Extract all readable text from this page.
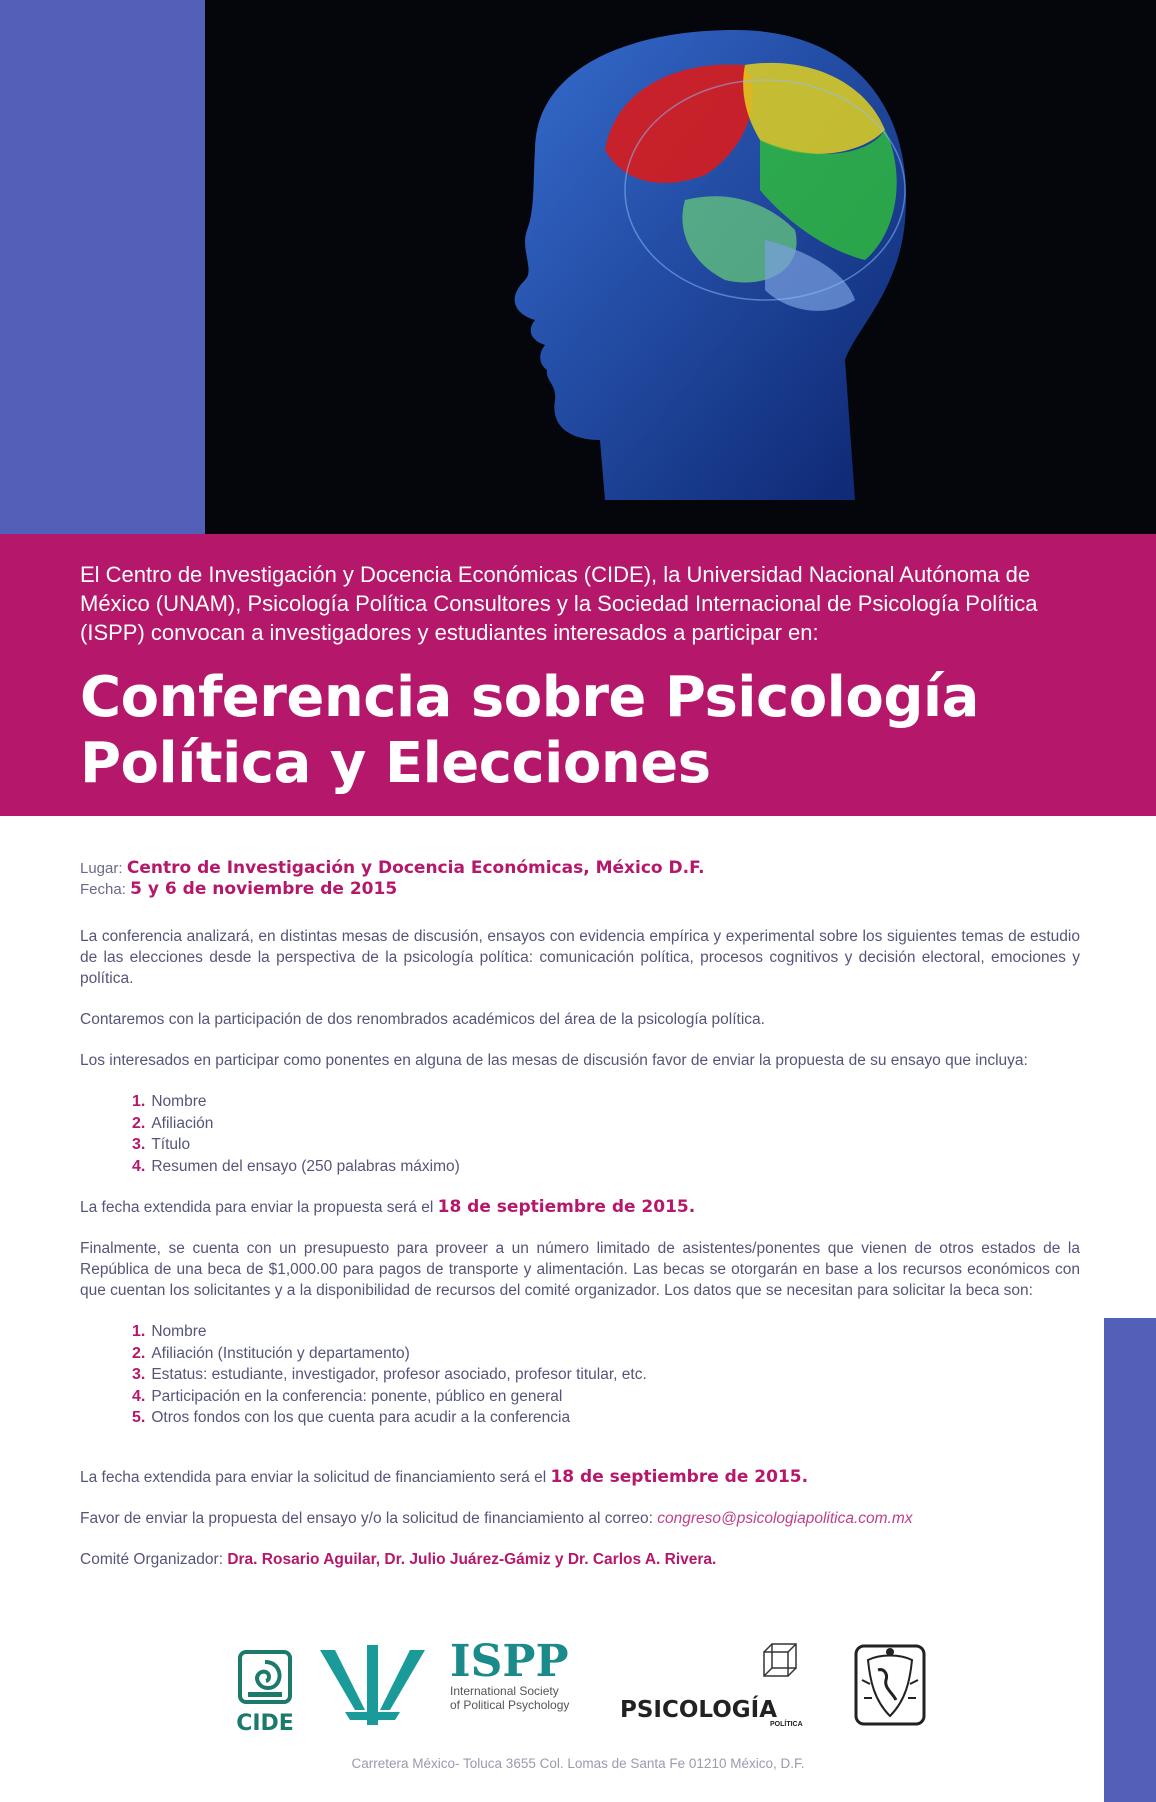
El Centro de Investigación y Docencia Económicas (CIDE), la Universidad Nacional Autónoma de México (UNAM), Psicología Política Consultores y la Sociedad Internacional de Psicología Política (ISPP) convocan a investigadores y estudiantes interesados a participar en:
Conferencia sobre Psicología
Política y Elecciones
Lugar: Centro de Investigación y Docencia Económicas, México D.F.
Fecha: 5 y 6 de noviembre de 2015

La conferencia analizará, en distintas mesas de discusión, ensayos con evidencia empírica y experimental sobre los siguientes temas de estudio de las elecciones desde la perspectiva de la psicología política: comunicación política, procesos cognitivos y decisión electoral, emociones y política.

Contaremos con la participación de dos renombrados académicos del área de la psicología política.

Los interesados en participar como ponentes en alguna de las mesas de discusión favor de enviar la propuesta de su ensayo que incluya:

1. Nombre
2. Afiliación
3. Título
4. Resumen del ensayo (250 palabras máximo)

La fecha extendida para enviar la propuesta será el 18 de septiembre de 2015.

Finalmente, se cuenta con un presupuesto para proveer a un número limitado de asistentes/ponentes que vienen de otros estados de la República de una beca de $1,000.00 para pagos de transporte y alimentación. Las becas se otorgarán en base a los recursos económicos con que cuentan los solicitantes y a la disponibilidad de recursos del comité organizador. Los datos que se necesitan para solicitar la beca son:

1. Nombre
2. Afiliación (Institución y departamento)
3. Estatus: estudiante, investigador, profesor asociado, profesor titular, etc.
4. Participación en la conferencia: ponente, público en general
5. Otros fondos con los que cuenta para acudir a la conferencia

La fecha extendida para enviar la solicitud de financiamiento será el 18 de septiembre de 2015.

Favor de enviar la propuesta del ensayo y/o la solicitud de financiamiento al correo: congreso@psicologiapolitica.com.mx

Comité Organizador: Dra. Rosario Aguilar, Dr. Julio Juárez-Gámiz y Dr. Carlos A. Rivera.

CIDE
ISPP
International Society
of Political Psychology	PSICOLOGÍA
POLÍTICA
Carretera México- Toluca 3655 Col. Lomas de Santa Fe 01210 México, D.F.
